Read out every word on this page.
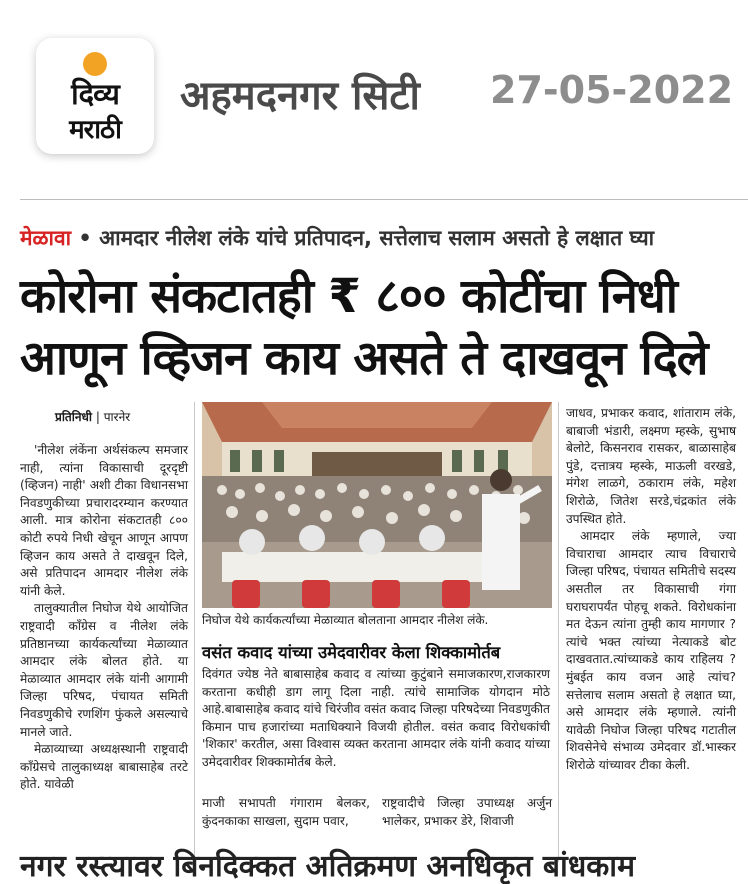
दिव्य
मराठी
अहमदनगर सिटी 27-05-2022
मेळावा • आमदार नीलेश लंके यांचे प्रतिपादन, सत्तेलाच सलाम असतो हे लक्षात घ्या
कोरोना संकटातही ₹ ८०० कोटींचा निधी
आणून व्हिजन काय असते ते दाखवून दिले
प्रतिनिधी | पारनेर

'नीलेश लंकेंना अर्थसंकल्प समजार नाही, त्यांना विकासाची दूरदृष्टी (व्हिजन) नाही' अशी टीका विधानसभा निवडणुकीच्या प्रचारादरम्यान करण्यात आली. मात्र कोरोना संकटातही ८०० कोटी रुपये निधी खेचून आणून आपण व्हिजन काय असते ते दाखवून दिले, असे प्रतिपादन आमदार नीलेश लंके यांनी केले.

तालुक्यातील निघोज येथे आयोजित राष्ट्रवादी काँग्रेस व नीलेश लंके प्रतिष्ठानच्या कार्यकर्त्यांच्या मेळाव्यात आमदार लंके बोलत होते. या मेळाव्यात आमदार लंके यांनी आगामी जिल्हा परिषद, पंचायत समिती निवडणुकीचे रणशिंग फुंकले असल्याचे मानले जाते.

मेळाव्याच्या अध्यक्षस्थानी राष्ट्रवादी काँग्रेसचे तालुकाध्यक्ष बाबासाहेब तरटे होते. यावेळी

निघोज येथे कार्यकर्त्यांच्या मेळाव्यात बोलताना आमदार नीलेश लंके.
वसंत कवाद यांच्या उमेदवारीवर केला शिक्कामोर्तब
दिवंगत ज्येष्ठ नेते बाबासाहेब कवाद व त्यांच्या कुटुंबाने समाजकारण,राजकारण करताना कधीही डाग लागू दिला नाही. त्यांचे सामाजिक योगदान मोठे आहे.बाबासाहेब कवाद यांचे चिरंजीव वसंत कवाद जिल्हा परिषदेच्या निवडणुकीत किमान पाच हजारांच्या मताधिक्याने विजयी होतील. वसंत कवाद विरोधकांची 'शिकार' करतील, असा विश्वास व्यक्त करताना आमदार लंके यांनी कवाद यांच्या उमेदवारीवर शिक्कामोर्तब केले.
माजी सभापती गंगाराम बेलकर, कुंदनकाका साखला, सुदाम पवार,
राष्ट्रवादीचे जिल्हा उपाध्यक्ष अर्जुन भालेकर, प्रभाकर डेरे, शिवाजी

जाधव, प्रभाकर कवाद, शांताराम लंके, बाबाजी भंडारी, लक्ष्मण म्हस्के, सुभाष बेलोटे, किसनराव रासकर, बाळासाहेब पुंडे, दत्तात्रय म्हस्के, माऊली वरखडे, मंगेश लाळगे, ठकाराम लंके, महेश शिरोळे, जितेश सरडे,चंद्रकांत लंके उपस्थित होते.

आमदार लंके म्हणाले, ज्या विचाराचा आमदार त्याच विचाराचे जिल्हा परिषद, पंचायत समितीचे सदस्य असतील तर विकासाची गंगा घराघरापर्यंत पोहचू शकते. विरोधकांना मत देऊन त्यांना तुम्ही काय मागणार ? त्यांचे भक्त त्यांच्या नेत्याकडे बोट दाखवतात.त्यांच्याकडे काय राहिलय ? मुंबईत काय वजन आहे त्यांच? सत्तेलाच सलाम असतो हे लक्षात घ्या, असे आमदार लंके म्हणाले. त्यांनी यावेळी निघोज जिल्हा परिषद गटातील शिवसेनेचे संभाव्य उमेदवार डॉ.भास्कर शिरोळे यांच्यावर टीका केली.

नगर रस्त्यावर बिनदिक्कत अतिक्रमण अनधिकृत बांधकाम
